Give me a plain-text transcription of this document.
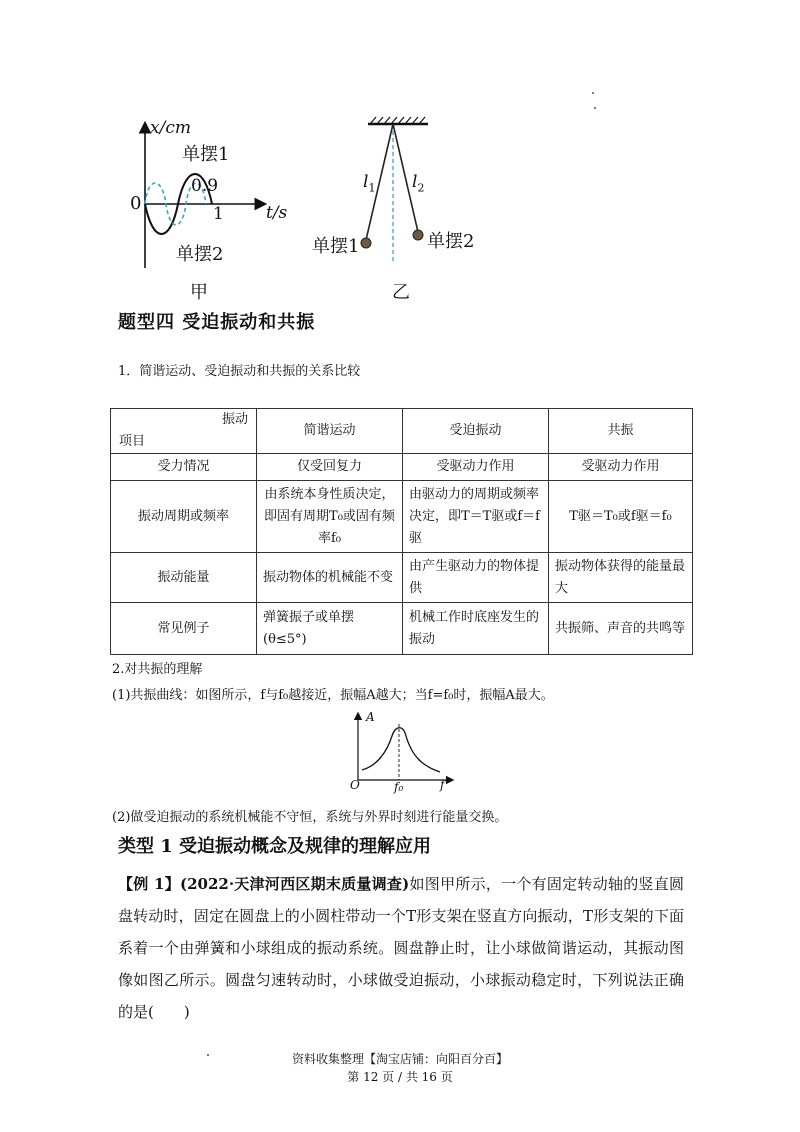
x/cm
单摆1
0
0.9
1 t/s
单摆2
甲
$l_1$ $l_2$
单摆1	单摆2
乙
题型四 受迫振动和共振
1．简谐运动、受迫振动和共振的关系比较
振动
项目	简谐运动	受迫振动	共振
受力情况	仅受回复力	受驱动力作用	受驱动力作用
振动周期或频率	由系统本身性质决定，即固有周期T₀或固有频率f₀	由驱动力的周期或频率决定，即T＝T驱或f＝f驱	T驱＝T₀或f驱＝f₀
振动能量	振动物体的机械能不变	由产生驱动力的物体提供	振动物体获得的能量最大
常见例子	弹簧振子或单摆(θ≤5°)	机械工作时底座发生的振动	共振筛、声音的共鸣等
2.对共振的理解
(1)共振曲线：如图所示，f与f₀越接近，振幅A越大；当f=f₀时，振幅A最大。
A
O	f₀	f
(2)做受迫振动的系统机械能不守恒，系统与外界时刻进行能量交换。
类型 1 受迫振动概念及规律的理解应用
【例 1】(2022·天津河西区期末质量调查)如图甲所示，一个有固定转动轴的竖直圆盘转动时，固定在圆盘上的小圆柱带动一个T形支架在竖直方向振动，T形支架的下面系着一个由弹簧和小球组成的振动系统。圆盘静止时，让小球做简谐运动，其振动图像如图乙所示。圆盘匀速转动时，小球做受迫振动，小球振动稳定时，下列说法正确的是(　　)
资料收集整理【淘宝店铺：向阳百分百】
第 12 页 / 共 16 页
